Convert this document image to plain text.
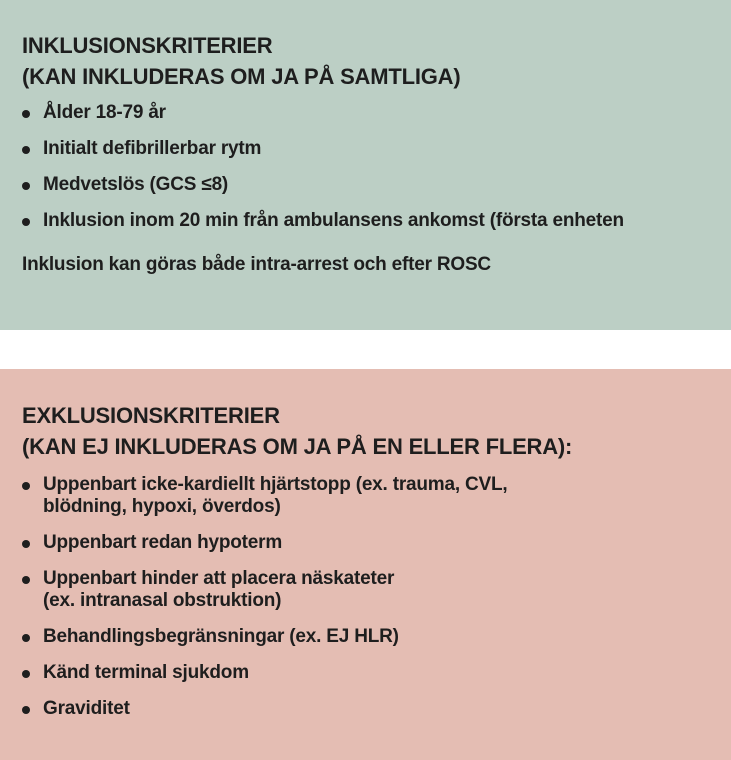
INKLUSIONSKRITERIER
(KAN INKLUDERAS OM JA PÅ SAMTLIGA)
Ålder 18-79 år
Initialt defibrillerbar rytm
Medvetslös (GCS ≤8)
Inklusion inom 20 min från ambulansens ankomst (första enheten
Inklusion kan göras både intra-arrest och efter ROSC
EXKLUSIONSKRITERIER
(KAN EJ INKLUDERAS OM JA PÅ EN ELLER FLERA):
Uppenbart icke-kardiellt hjärtstopp (ex. trauma, CVL,
blödning, hypoxi, överdos)
Uppenbart redan hypoterm
Uppenbart hinder att placera näskateter
(ex. intranasal obstruktion)
Behandlingsbegränsningar (ex. EJ HLR)
Känd terminal sjukdom
Graviditet
